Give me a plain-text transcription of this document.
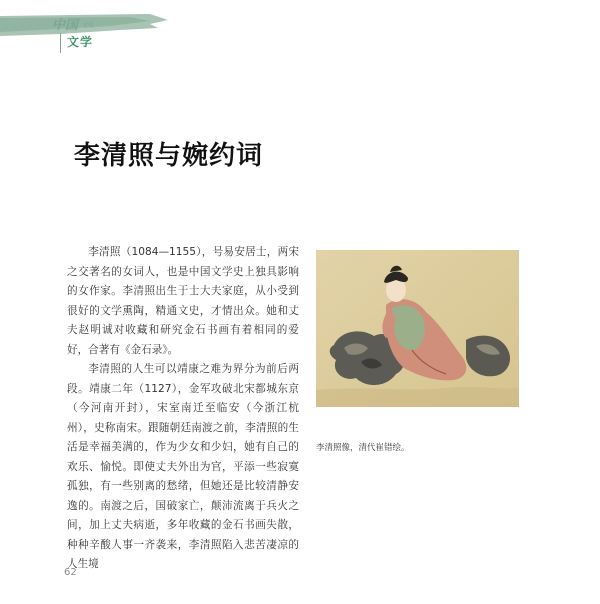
中国 文化
文学
李清照与婉约词

李清照（1084—1155），号易安居士，两宋之交著名的女词人，也是中国文学史上独具影响的女作家。李清照出生于士大夫家庭，从小受到很好的文学熏陶，精通文史，才情出众。她和丈夫赵明诚对收藏和研究金石书画有着相同的爱好，合著有《金石录》。

李清照的人生可以靖康之难为界分为前后两段。靖康二年（1127），金军攻破北宋都城东京（今河南开封），宋室南迁至临安（今浙江杭州），史称南宋。跟随朝廷南渡之前，李清照的生活是幸福美满的，作为少女和少妇，她有自己的欢乐、愉悦。即使丈夫外出为官，平添一些寂寞孤独，有一些别离的愁绪，但她还是比较清静安逸的。南渡之后，国破家亡，颠沛流离于兵火之间，加上丈夫病逝，多年收藏的金石书画失散，种种辛酸人事一齐袭来，李清照陷入悲苦凄凉的人生境

李清照像，清代崔错绘。
62
